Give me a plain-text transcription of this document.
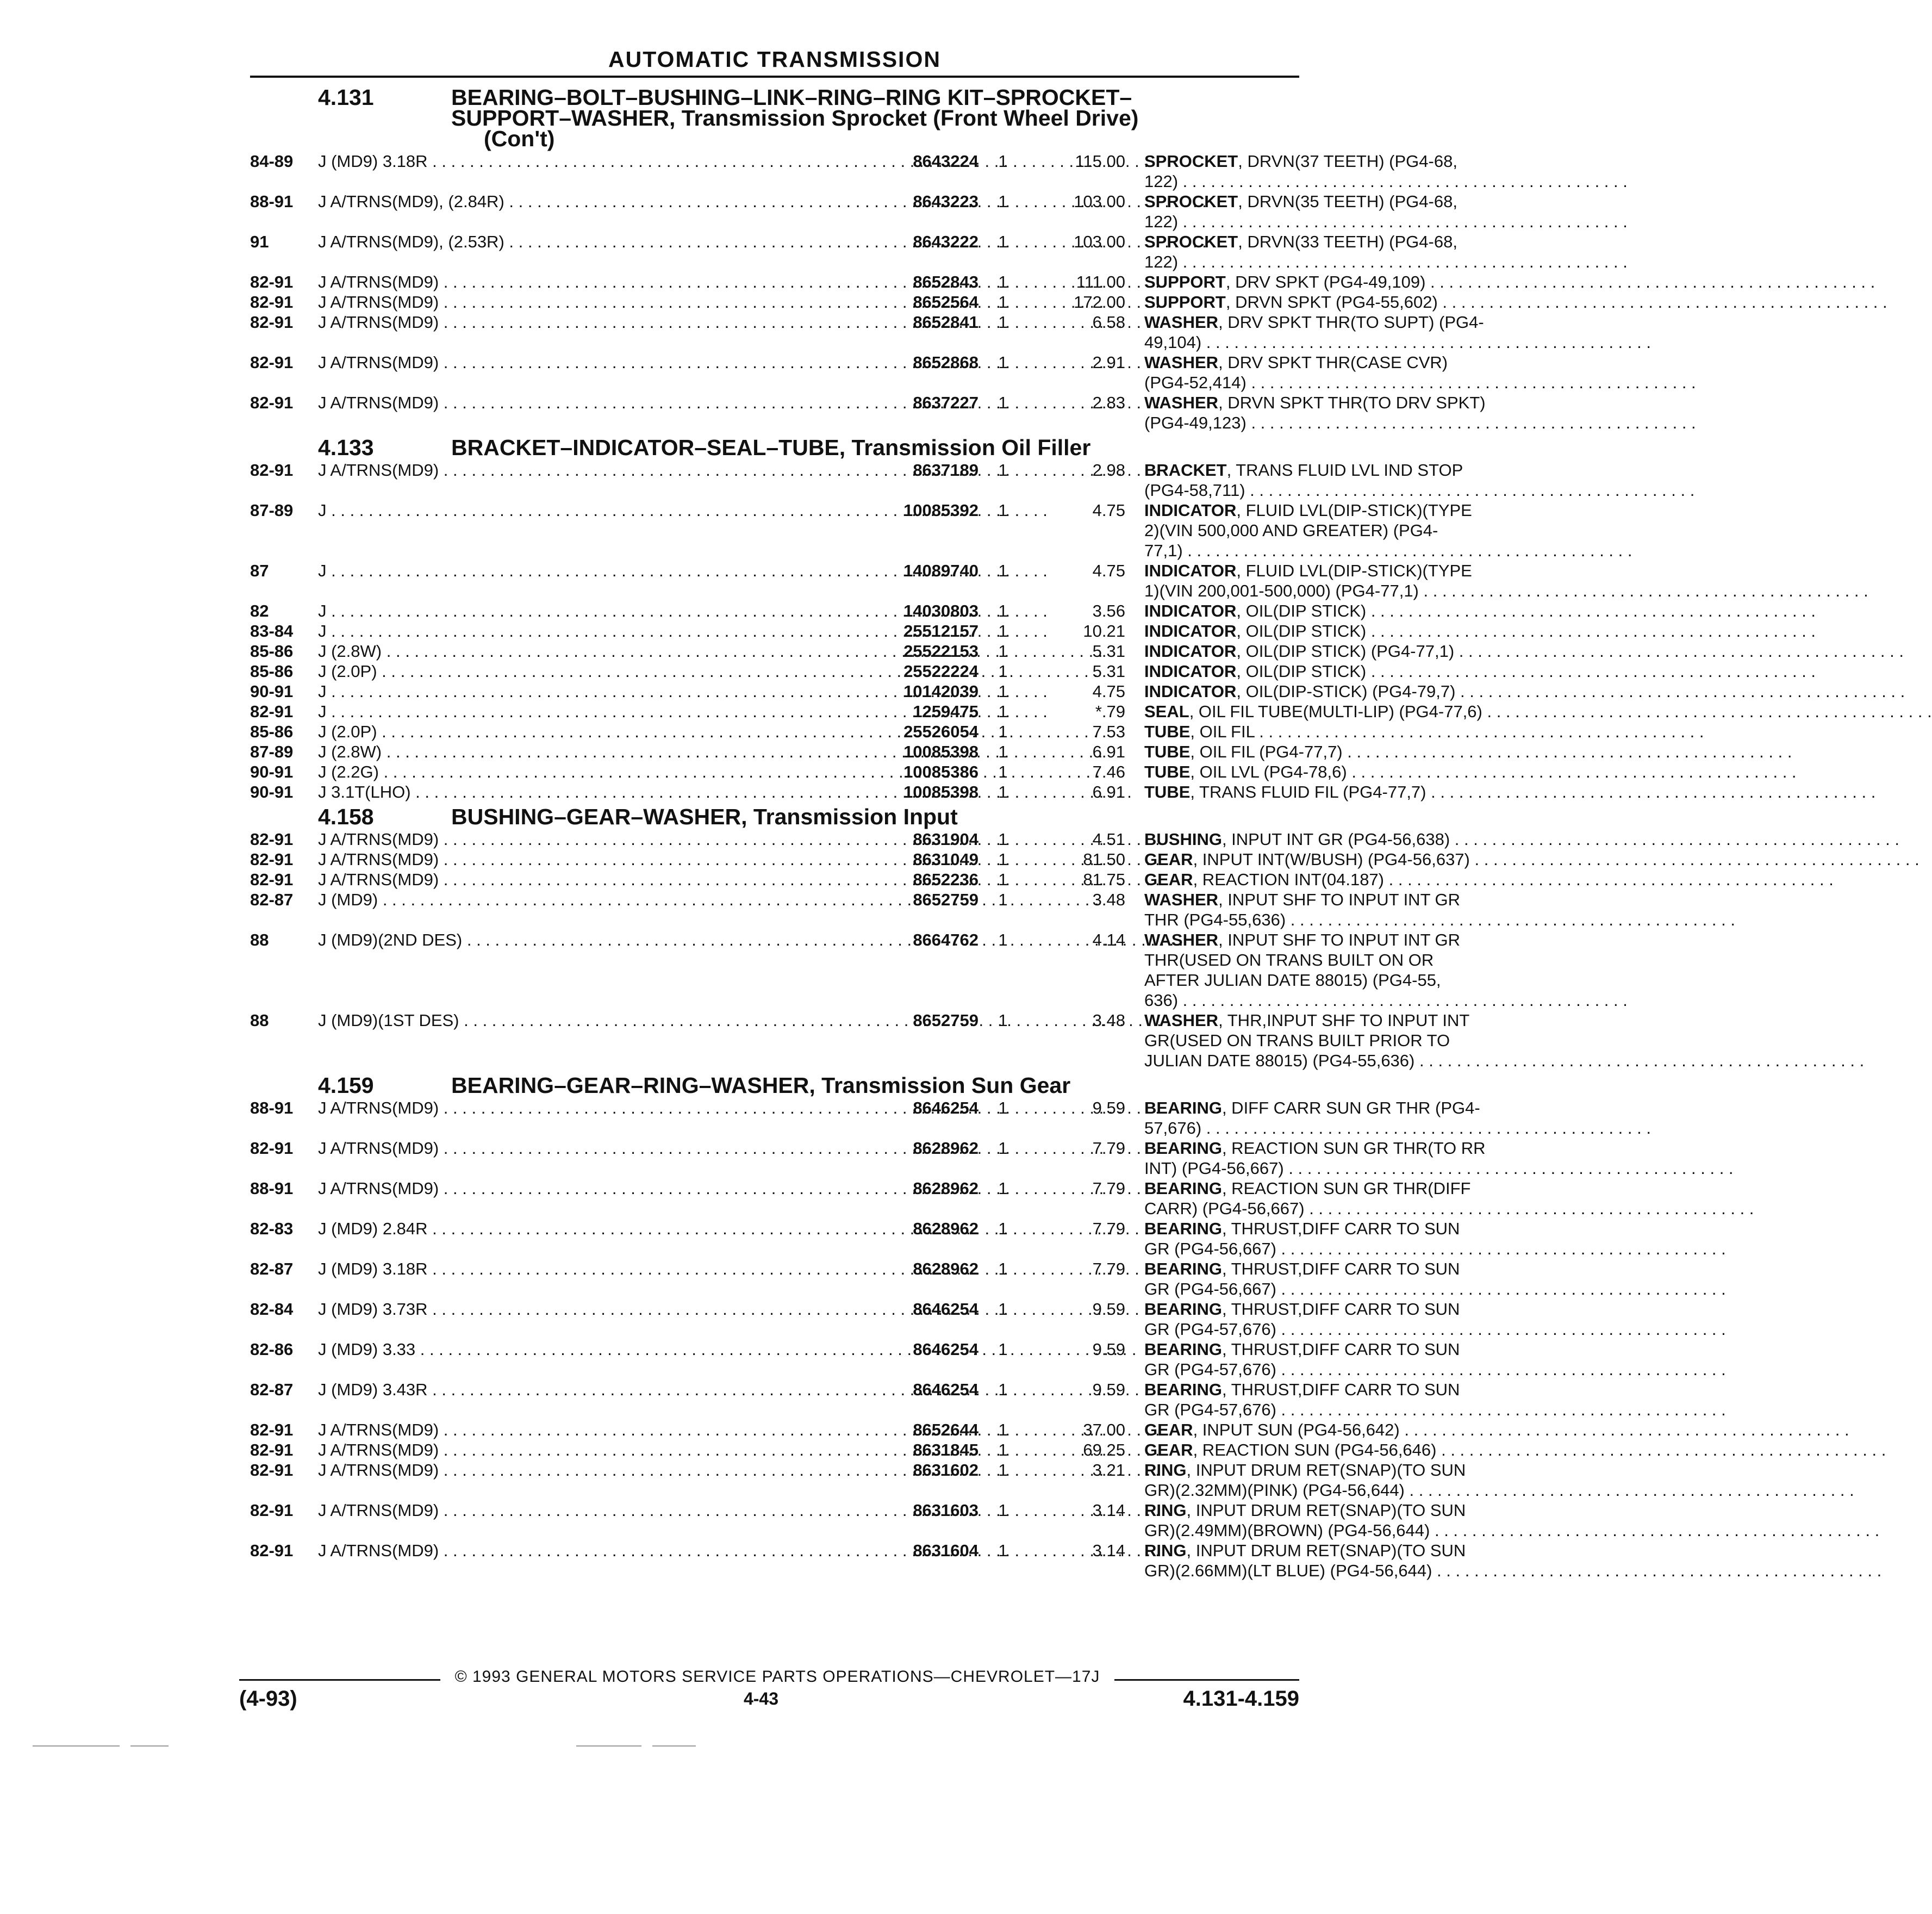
AUTOMATIC TRANSMISSION
4.131	BEARING–BOLT–BUSHING–LINK–RING–RING KIT–SPROCKET–
SUPPORT–WASHER, Transmission Sprocket (Front Wheel Drive)
(Con't)
84-89	J (MD9) 3.18R . . .	8643224	1	115.00 SPROCKET, DRVN(37 TEETH) (PG4-68,
122) . . .
88-91	J A/TRNS(MD9), (2.84R) . . .	8643223	1	103.00 SPROCKET, DRVN(35 TEETH) (PG4-68,
122) . . .
91	J A/TRNS(MD9), (2.53R) . . .	8643222	1	103.00 SPROCKET, DRVN(33 TEETH) (PG4-68,
122) . . .
82-91	J A/TRNS(MD9) . . .	8652843	1	111.00 SUPPORT, DRV SPKT (PG4-49,109) . . .
82-91	J A/TRNS(MD9) . . .	8652564	1	172.00 SUPPORT, DRVN SPKT (PG4-55,602) . . .
82-91	J A/TRNS(MD9) . . .	8652841	1	6.58 WASHER, DRV SPKT THR(TO SUPT) (PG4-
49,104) . . .
82-91	J A/TRNS(MD9) . . .	8652868	1	2.91 WASHER, DRV SPKT THR(CASE CVR)
(PG4-52,414) . . .
82-91	J A/TRNS(MD9) . . .	8637227	1	2.83 WASHER, DRVN SPKT THR(TO DRV SPKT)
(PG4-49,123) . . .
4.133	BRACKET–INDICATOR–SEAL–TUBE, Transmission Oil Filler
82-91	J A/TRNS(MD9) . . .	8637189	1	2.98 BRACKET, TRANS FLUID LVL IND STOP
(PG4-58,711) . . .
87-89	J . . .	10085392	1	4.75 INDICATOR, FLUID LVL(DIP-STICK)(TYPE
2)(VIN 500,000 AND GREATER) (PG4-
77,1) . . .
87	J . . .	14089740	1	4.75 INDICATOR, FLUID LVL(DIP-STICK)(TYPE
1)(VIN 200,001-500,000) (PG4-77,1) . . .
82	J . . .	14030803	1	3.56 INDICATOR, OIL(DIP STICK) . . .
83-84	J . . .	25512157	1	10.21 INDICATOR, OIL(DIP STICK) . . .
85-86	J (2.8W) . . .	25522153	1	5.31 INDICATOR, OIL(DIP STICK) (PG4-77,1) . . .
85-86	J (2.0P) . . .	25522224	1	5.31 INDICATOR, OIL(DIP STICK) . . .
90-91	J . . .	10142039	1	4.75 INDICATOR, OIL(DIP-STICK) (PG4-79,7) . . .
82-91	J . . .	1259475	1	*.79 SEAL, OIL FIL TUBE(MULTI-LIP) (PG4-77,6) . . .
85-86	J (2.0P) . . .	25526054	1	7.53 TUBE, OIL FIL . . .
87-89	J (2.8W) . . .	10085398	1	6.91 TUBE, OIL FIL (PG4-77,7) . . .
90-91	J (2.2G) . . .	10085386	1	7.46 TUBE, OIL LVL (PG4-78,6) . . .
90-91	J 3.1T(LHO) . . .	10085398	1	6.91 TUBE, TRANS FLUID FIL (PG4-77,7) . . .
4.158	BUSHING–GEAR–WASHER, Transmission Input
82-91	J A/TRNS(MD9) . . .	8631904	1	4.51 BUSHING, INPUT INT GR (PG4-56,638) . . .
82-91	J A/TRNS(MD9) . . .	8631049	1	81.50 GEAR, INPUT INT(W/BUSH) (PG4-56,637) . . .
82-91	J A/TRNS(MD9) . . .	8652236	1	81.75 GEAR, REACTION INT(04.187) . . .
82-87	J (MD9) . . .	8652759	1	3.48 WASHER, INPUT SHF TO INPUT INT GR
THR (PG4-55,636) . . .
88	J (MD9)(2ND DES) . . .	8664762	1	4.14 WASHER, INPUT SHF TO INPUT INT GR
THR(USED ON TRANS BUILT ON OR
AFTER JULIAN DATE 88015) (PG4-55,
636) . . .
88	J (MD9)(1ST DES) . . .	8652759	1	3.48 WASHER, THR,INPUT SHF TO INPUT INT
GR(USED ON TRANS BUILT PRIOR TO
JULIAN DATE 88015) (PG4-55,636) . . .
4.159	BEARING–GEAR–RING–WASHER, Transmission Sun Gear
88-91	J A/TRNS(MD9) . . .	8646254	1	9.59 BEARING, DIFF CARR SUN GR THR (PG4-
57,676) . . .
82-91	J A/TRNS(MD9) . . .	8628962	1	7.79 BEARING, REACTION SUN GR THR(TO RR
INT) (PG4-56,667) . . .
88-91	J A/TRNS(MD9) . . .	8628962	1	7.79 BEARING, REACTION SUN GR THR(DIFF
CARR) (PG4-56,667) . . .
82-83	J (MD9) 2.84R . . .	8628962	1	7.79 BEARING, THRUST,DIFF CARR TO SUN
GR (PG4-56,667) . . .
82-87	J (MD9) 3.18R . . .	8628962	1	7.79 BEARING, THRUST,DIFF CARR TO SUN
GR (PG4-56,667) . . .
82-84	J (MD9) 3.73R . . .	8646254	1	9.59 BEARING, THRUST,DIFF CARR TO SUN
GR (PG4-57,676) . . .
82-86	J (MD9) 3.33 . . .	8646254	1	9.59 BEARING, THRUST,DIFF CARR TO SUN
GR (PG4-57,676) . . .
82-87	J (MD9) 3.43R . . .	8646254	1	9.59 BEARING, THRUST,DIFF CARR TO SUN
GR (PG4-57,676) . . .
82-91	J A/TRNS(MD9) . . .	8652644	1	37.00 GEAR, INPUT SUN (PG4-56,642) . . .
82-91	J A/TRNS(MD9) . . .	8631845	1	69.25 GEAR, REACTION SUN (PG4-56,646) . . .
82-91	J A/TRNS(MD9) . . .	8631602	1	3.21 RING, INPUT DRUM RET(SNAP)(TO SUN
GR)(2.32MM)(PINK) (PG4-56,644) . . .
82-91	J A/TRNS(MD9) . . .	8631603	1	3.14 RING, INPUT DRUM RET(SNAP)(TO SUN
GR)(2.49MM)(BROWN) (PG4-56,644) . . .
82-91	J A/TRNS(MD9) . . .	8631604	1	3.14 RING, INPUT DRUM RET(SNAP)(TO SUN
GR)(2.66MM)(LT BLUE) (PG4-56,644) . . .
© 1993 GENERAL MOTORS SERVICE PARTS OPERATIONS—CHEVROLET—17J
(4-93)	4-43	4.131-4.159
